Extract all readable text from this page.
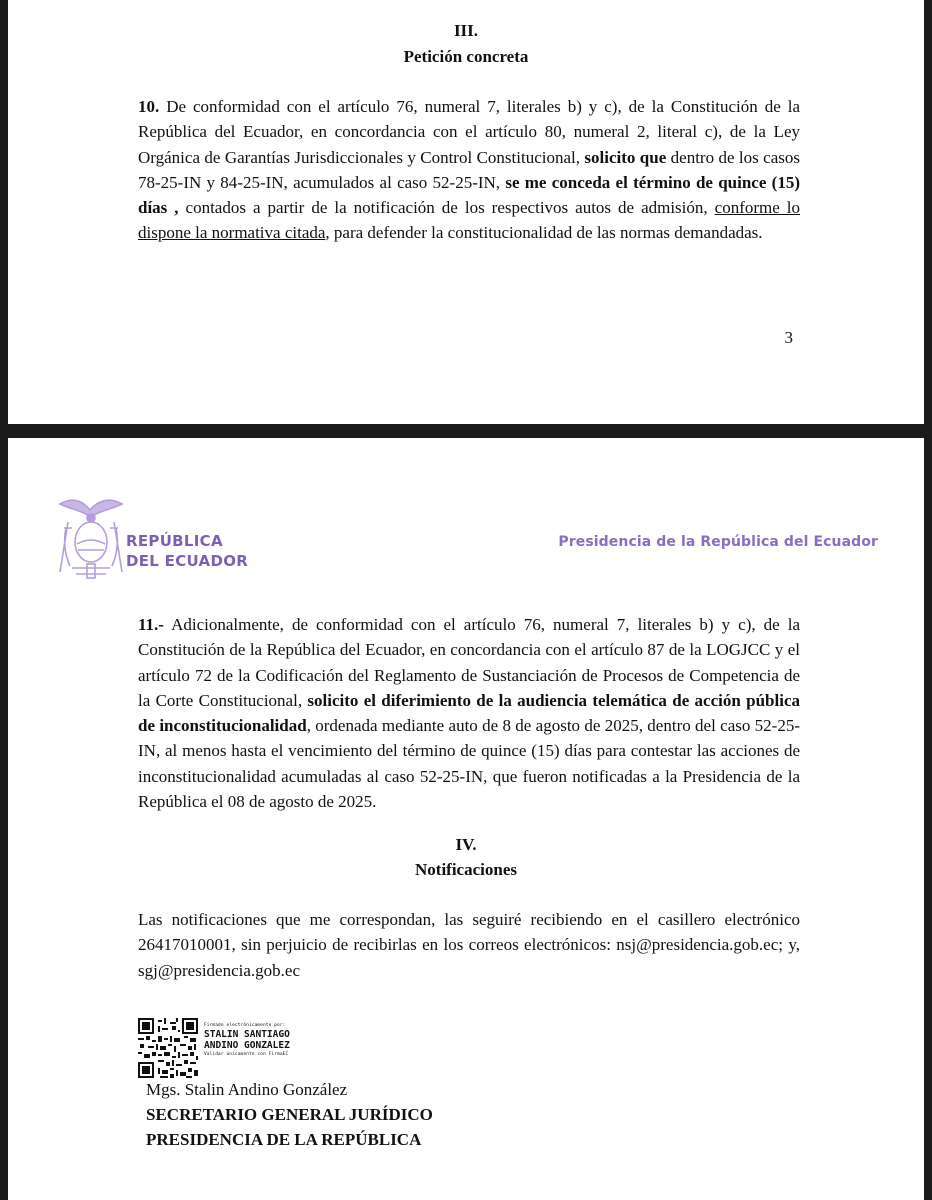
III.
Petición concreta

10. De conformidad con el artículo 76, numeral 7, literales b) y c), de la Constitución de la República del Ecuador, en concordancia con el artículo 80, numeral 2, literal c), de la Ley Orgánica de Garantías Jurisdiccionales y Control Constitucional, solicito que dentro de los casos 78-25-IN y 84-25-IN, acumulados al caso 52-25-IN, se me conceda el término de quince (15) días , contados a partir de la notificación de los respectivos autos de admisión, conforme lo dispone la normativa citada, para defender la constitucionalidad de las normas demandadas.

3
REPÚBLICA
DEL ECUADOR
Presidencia de la República del Ecuador

11.- Adicionalmente, de conformidad con el artículo 76, numeral 7, literales b) y c), de la Constitución de la República del Ecuador, en concordancia con el artículo 87 de la LOGJCC y el artículo 72 de la Codificación del Reglamento de Sustanciación de Procesos de Competencia de la Corte Constitucional, solicito el diferimiento de la audiencia telemática de acción pública de inconstitucionalidad, ordenada mediante auto de 8 de agosto de 2025, dentro del caso 52-25-IN, al menos hasta el vencimiento del término de quince (15) días para contestar las acciones de inconstitucionalidad acumuladas al caso 52-25-IN, que fueron notificadas a la Presidencia de la República el 08 de agosto de 2025.

IV.
Notificaciones

Las notificaciones que me correspondan, las seguiré recibiendo en el casillero electrónico 26417010001, sin perjuicio de recibirlas en los correos electrónicos: nsj@presidencia.gob.ec; y, sgj@presidencia.gob.ec

Firmado electrónicamente por:
STALIN SANTIAGO
ANDINO GONZALEZ
Validar únicamente con FirmaEC
Mgs. Stalin Andino González
SECRETARIO GENERAL JURÍDICO
PRESIDENCIA DE LA REPÚBLICA
